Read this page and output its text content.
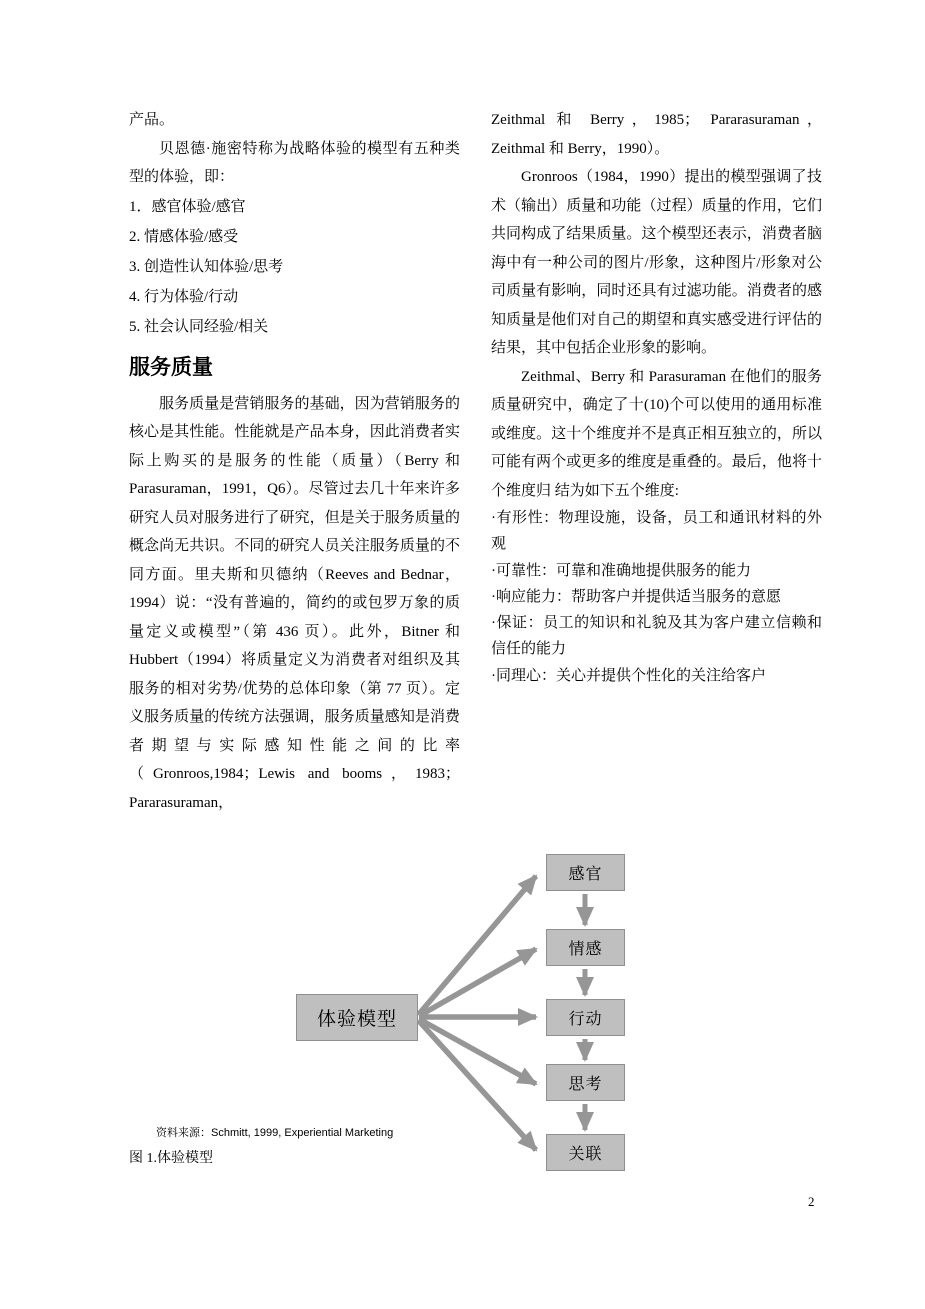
产品。

贝恩德·施密特称为战略体验的模型有五种类型的体验，即：

1．感官体验/感官
2. 情感体验/感受
3. 创造性认知体验/思考
4. 行为体验/行动
5. 社会认同经验/相关
服务质量

服务质量是营销服务的基础，因为营销服务的核心是其性能。性能就是产品本身，因此消费者实际上购买的是服务的性能（质量）（Berry 和 Parasuraman，1991，Q6）。尽管过去几十年来许多研究人员对服务进行了研究，但是关于服务质量的概念尚无共识。不同的研究人员关注服务质量的不同方面。里夫斯和贝德纳（Reeves and Bednar，1994）说：“没有普遍的，简约的或包罗万象的质量定义或模型”（第 436 页）。此外，Bitner 和 Hubbert（1994）将质量定义为消费者对组织及其服务的相对劣势/优势的总体印象（第 77 页）。定义服务质量的传统方法强调，服务质量感知是消费者期望与实际感知性能之间的比率（Gronroos,1984；Lewis and booms，1983； Pararasuraman，

Zeithmal 和 Berry，1985； Pararasuraman，Zeithmal 和 Berry，1990）。

Gronroos（1984，1990）提出的模型强调了技术（输出）质量和功能（过程）质量的作用，它们共同构成了结果质量。这个模型还表示，消费者脑海中有一种公司的图片/形象，这种图片/形象对公司质量有影响，同时还具有过滤功能。消费者的感知质量是他们对自己的期望和真实感受进行评估的结果，其中包括企业形象的影响。

Zeithmal、Berry 和 Parasuraman 在他们的服务质量研究中，确定了十(10)个可以使用的通用标准或维度。这十个维度并不是真正相互独立的，所以可能有两个或更多的维度是重叠的。最后，他将十个维度归 结为如下五个维度:

·有形性：物理设施，设备，员工和通讯材料的外观

·可靠性：可靠和准确地提供服务的能力

·响应能力：帮助客户并提供适当服务的意愿

·保证：员工的知识和礼貌及其为客户建立信赖和信任的能力

·同理心：关心并提供个性化的关注给客户

体验模型
感官
情感
行动
思考
关联
资料来源：Schmitt, 1999, Experiential Marketing
图 1.体验模型
2
